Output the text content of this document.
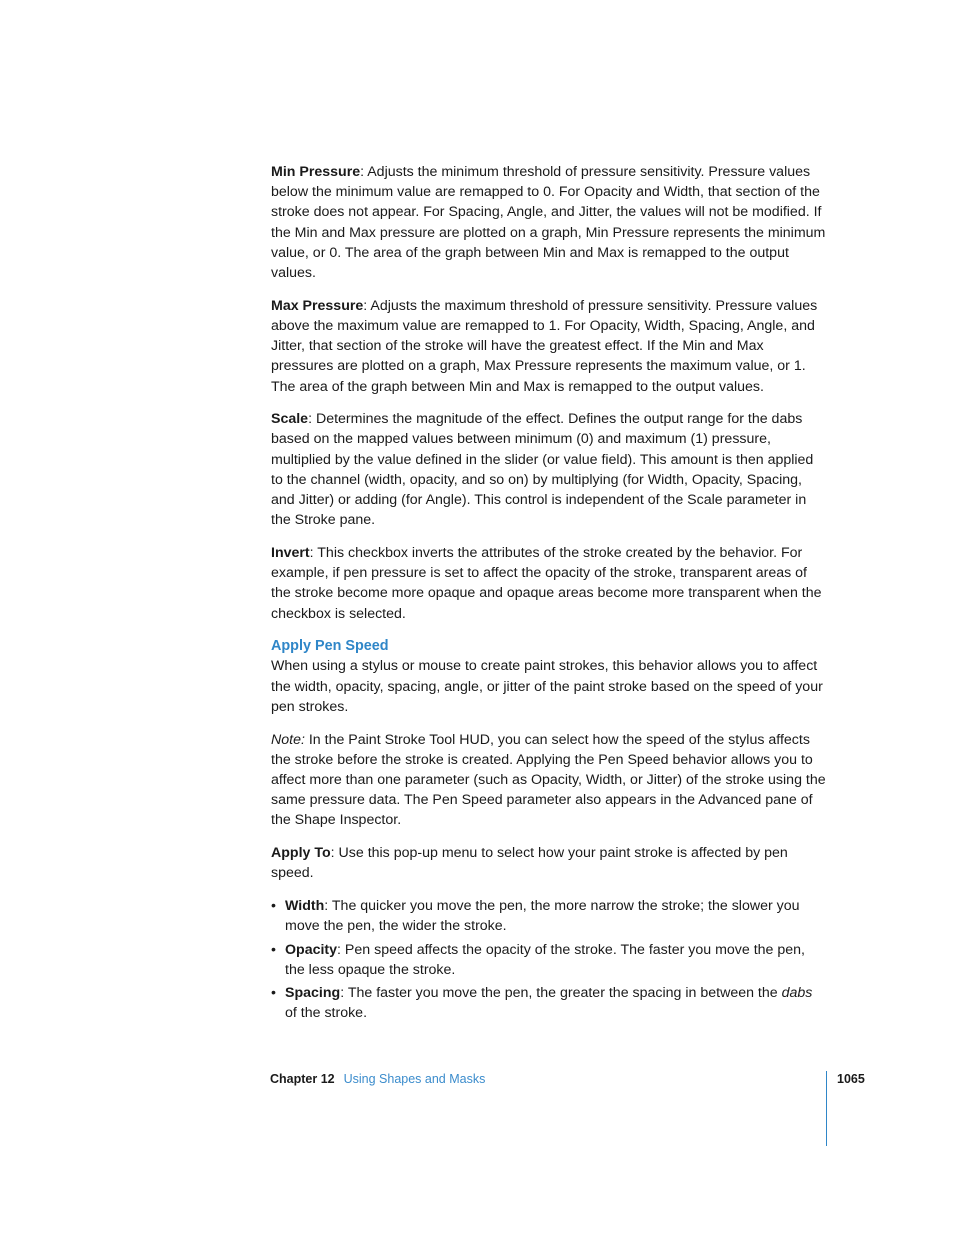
Min Pressure: Adjusts the minimum threshold of pressure sensitivity. Pressure values below the minimum value are remapped to 0. For Opacity and Width, that section of the stroke does not appear. For Spacing, Angle, and Jitter, the values will not be modified. If the Min and Max pressure are plotted on a graph, Min Pressure represents the minimum value, or 0. The area of the graph between Min and Max is remapped to the output values.

Max Pressure: Adjusts the maximum threshold of pressure sensitivity. Pressure values above the maximum value are remapped to 1. For Opacity, Width, Spacing, Angle, and Jitter, that section of the stroke will have the greatest effect. If the Min and Max pressures are plotted on a graph, Max Pressure represents the maximum value, or 1. The area of the graph between Min and Max is remapped to the output values.

Scale: Determines the magnitude of the effect. Defines the output range for the dabs based on the mapped values between minimum (0) and maximum (1) pressure, multiplied by the value defined in the slider (or value field). This amount is then applied to the channel (width, opacity, and so on) by multiplying (for Width, Opacity, Spacing, and Jitter) or adding (for Angle). This control is independent of the Scale parameter in the Stroke pane.

Invert: This checkbox inverts the attributes of the stroke created by the behavior. For example, if pen pressure is set to affect the opacity of the stroke, transparent areas of the stroke become more opaque and opaque areas become more transparent when the checkbox is selected.

Apply Pen Speed

When using a stylus or mouse to create paint strokes, this behavior allows you to affect the width, opacity, spacing, angle, or jitter of the paint stroke based on the speed of your pen strokes.

Note: In the Paint Stroke Tool HUD, you can select how the speed of the stylus affects the stroke before the stroke is created. Applying the Pen Speed behavior allows you to affect more than one parameter (such as Opacity, Width, or Jitter) of the stroke using the same pressure data. The Pen Speed parameter also appears in the Advanced pane of the Shape Inspector.

Apply To: Use this pop-up menu to select how your paint stroke is affected by pen speed.

• Width: The quicker you move the pen, the more narrow the stroke; the slower you move the pen, the wider the stroke.
• Opacity: Pen speed affects the opacity of the stroke. The faster you move the pen, the less opaque the stroke.
• Spacing: The faster you move the pen, the greater the spacing in between the dabs of the stroke.
Chapter 12 Using Shapes and Masks	1065
